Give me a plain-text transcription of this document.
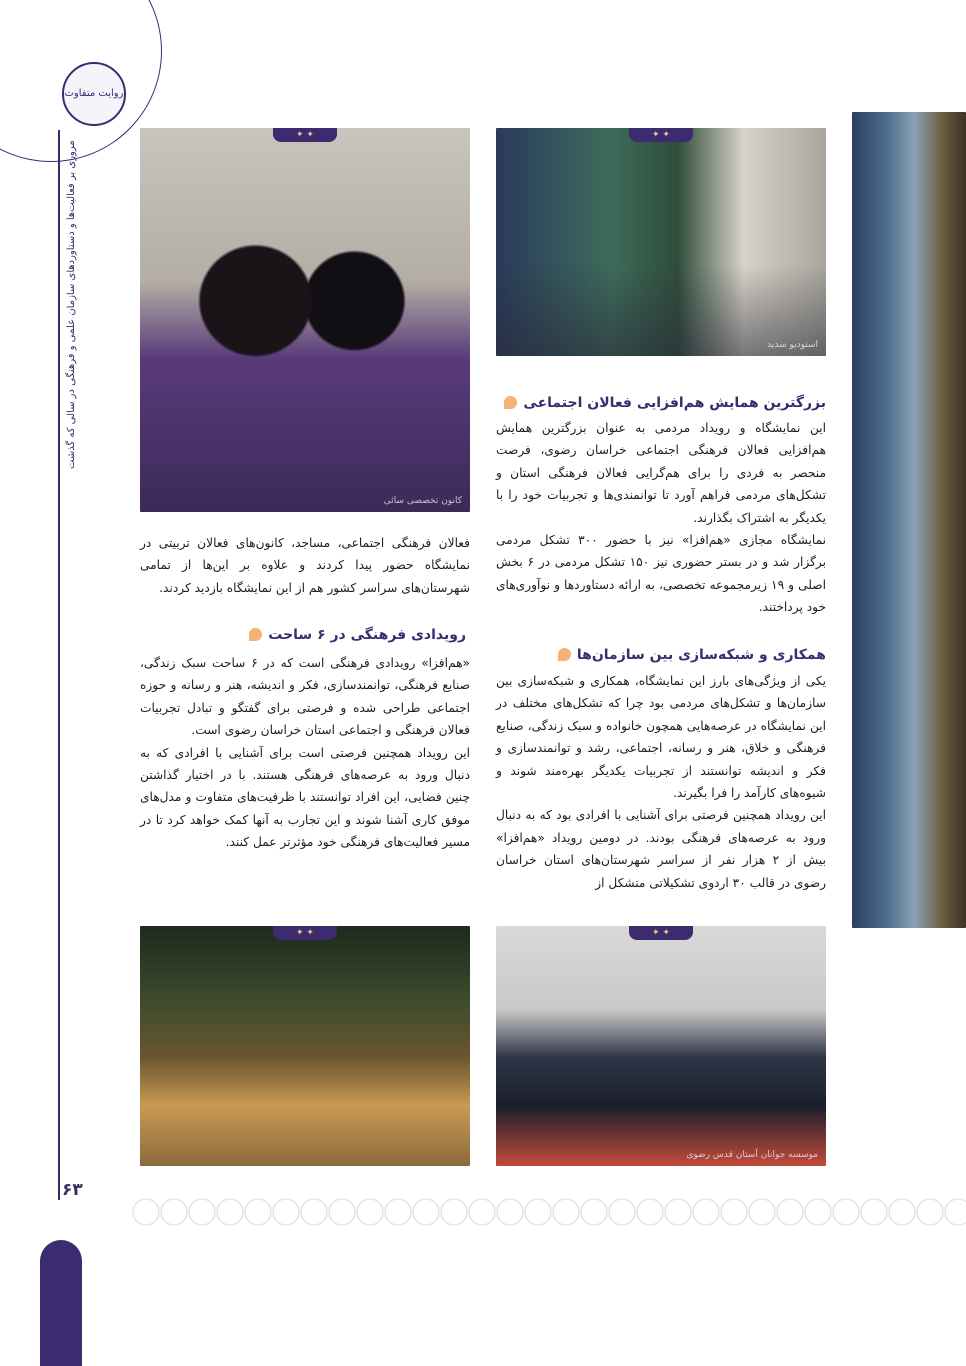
روایت متفاوت
مروری بر فعالیت‌ها و دستاوردهای سازمان علمی و فرهنگی در سالی که گذشت
۶۳
✦ ✦
استودیو سدید
✦ ✦
کانون تخصصی سائی
✦ ✦
موسسه جوانان آستان قدس رضوی
✦ ✦
بزرگترین همایش هم‌افزایی فعالان اجتماعی

این نمایشگاه و رویداد مردمی به عنوان بزرگترین همایش هم‌افزایی فعالان فرهنگی اجتماعی خراسان رضوی، فرصت منحصر به فردی را برای هم‌گرایی فعالان فرهنگی استان و تشکل‌های مردمی فراهم آورد تا توانمندی‌ها و تجربیات خود را با یکدیگر به اشتراک بگذارند.

نمایشگاه مجازی «هم‌افزا» نیز با حضور ۳۰۰ تشکل مردمی برگزار شد و در بستر حضوری نیز ۱۵۰ تشکل مردمی در ۶ بخش اصلی و ۱۹ زیرمجموعه تخصصی، به ارائه دستاوردها و نوآوری‌های خود پرداختند.

همکاری و شبکه‌سازی بین سازمان‌ها

یکی از ویژگی‌های بارز این نمایشگاه، همکاری و شبکه‌سازی بین سازمان‌ها و تشکل‌های مردمی بود چرا که تشکل‌های مختلف در این نمایشگاه در عرصه‌هایی همچون خانواده و سبک زندگی، صنایع فرهنگی و خلاق، هنر و رسانه، اجتماعی، رشد و توانمندسازی و فکر و اندیشه توانستند از تجربیات یکدیگر بهره‌مند شوند و شیوه‌های کارآمد را فرا بگیرند.

این رویداد همچنین فرصتی برای آشنایی با افرادی بود که به دنبال ورود به عرصه‌های فرهنگی بودند. در دومین رویداد «هم‌افزا» بیش از ۲ هزار نفر از سراسر شهرستان‌های استان خراسان رضوی در قالب ۳۰ اردوی تشکیلاتی متشکل از

فعالان فرهنگی اجتماعی، مساجد، کانون‌های فعالان تربیتی در نمایشگاه حضور پیدا کردند و علاوه بر این‌ها از تمامی شهرستان‌های سراسر کشور هم از این نمایشگاه بازدید کردند.

رویدادی فرهنگی در ۶ ساحت

«هم‌افزا» رویدادی فرهنگی است که در ۶ ساحت سبک زندگی، صنایع فرهنگی، توانمندسازی، فکر و اندیشه، هنر و رسانه و حوزه اجتماعی طراحی شده و فرصتی برای گفتگو و تبادل تجربیات فعالان فرهنگی و اجتماعی استان خراسان رضوی است.

این رویداد همچنین فرصتی است برای آشنایی با افرادی که به دنبال ورود به عرصه‌های فرهنگی هستند. با در اختیار گذاشتن چنین فضایی، این افراد توانستند با ظرفیت‌های متفاوت و مدل‌های موفق کاری آشنا شوند و این تجارب به آنها کمک خواهد کرد تا در مسیر فعالیت‌های فرهنگی خود مؤثرتر عمل کنند.
